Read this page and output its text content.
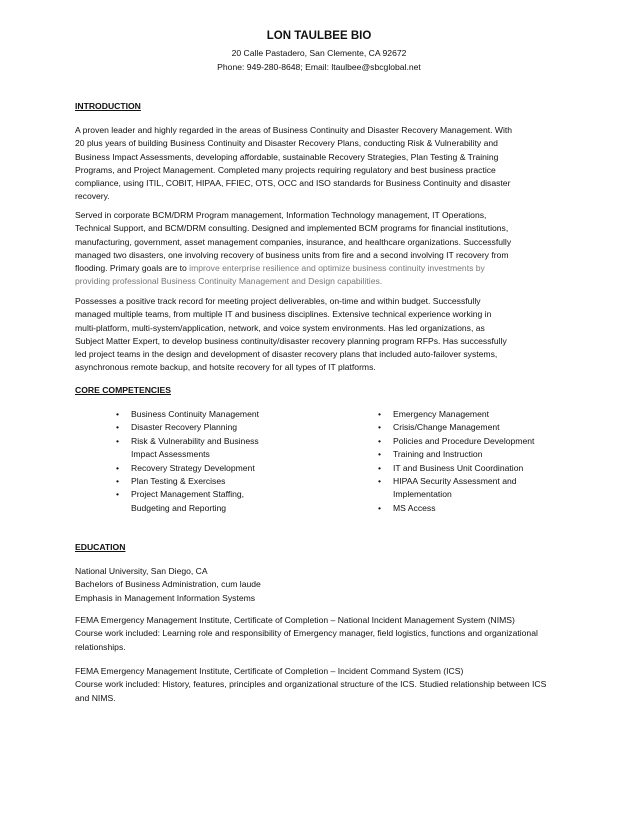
LON TAULBEE BIO
20 Calle Pastadero, San Clemente, CA 92672
Phone: 949-280-8648; Email: ltaulbee@sbcglobal.net
INTRODUCTION

A proven leader and highly regarded in the areas of Business Continuity and Disaster Recovery Management. With
20 plus years of building Business Continuity and Disaster Recovery Plans, conducting Risk & Vulnerability and
Business Impact Assessments, developing affordable, sustainable Recovery Strategies, Plan Testing & Training
Programs, and Project Management. Completed many projects requiring regulatory and best business practice
compliance, using ITIL, COBIT, HIPAA, FFIEC, OTS, OCC and ISO standards for Business Continuity and disaster
recovery.

Served in corporate BCM/DRM Program management, Information Technology management, IT Operations,
Technical Support, and BCM/DRM consulting. Designed and implemented BCM programs for financial institutions,
manufacturing, government, asset management companies, insurance, and healthcare organizations. Successfully
managed two disasters, one involving recovery of business units from fire and a second involving IT recovery from
flooding. Primary goals are to improve enterprise resilience and optimize business continuity investments by
providing professional Business Continuity Management and Design capabilities.

Possesses a positive track record for meeting project deliverables, on-time and within budget. Successfully
managed multiple teams, from multiple IT and business disciplines. Extensive technical experience working in
multi-platform, multi-system/application, network, and voice system environments. Has led organizations, as
Subject Matter Expert, to develop business continuity/disaster recovery planning program RFPs. Has successfully
led project teams in the design and development of disaster recovery plans that included auto-failover systems,
asynchronous remote backup, and hotsite recovery for all types of IT platforms.

CORE COMPETENCIES
• Business Continuity Management
• Disaster Recovery Planning
• Risk & Vulnerability and Business
Impact Assessments
• Recovery Strategy Development
• Plan Testing & Exercises
• Project Management Staffing,
Budgeting and Reporting
• Emergency Management
• Crisis/Change Management
• Policies and Procedure Development
• Training and Instruction
• IT and Business Unit Coordination
• HIPAA Security Assessment and
Implementation
• MS Access
EDUCATION

National University, San Diego, CA
Bachelors of Business Administration, cum laude
Emphasis in Management Information Systems

FEMA Emergency Management Institute, Certificate of Completion – National Incident Management System (NIMS)
Course work included: Learning role and responsibility of Emergency manager, field logistics, functions and organizational
relationships.

FEMA Emergency Management Institute, Certificate of Completion – Incident Command System (ICS)
Course work included: History, features, principles and organizational structure of the ICS. Studied relationship between ICS
and NIMS.
